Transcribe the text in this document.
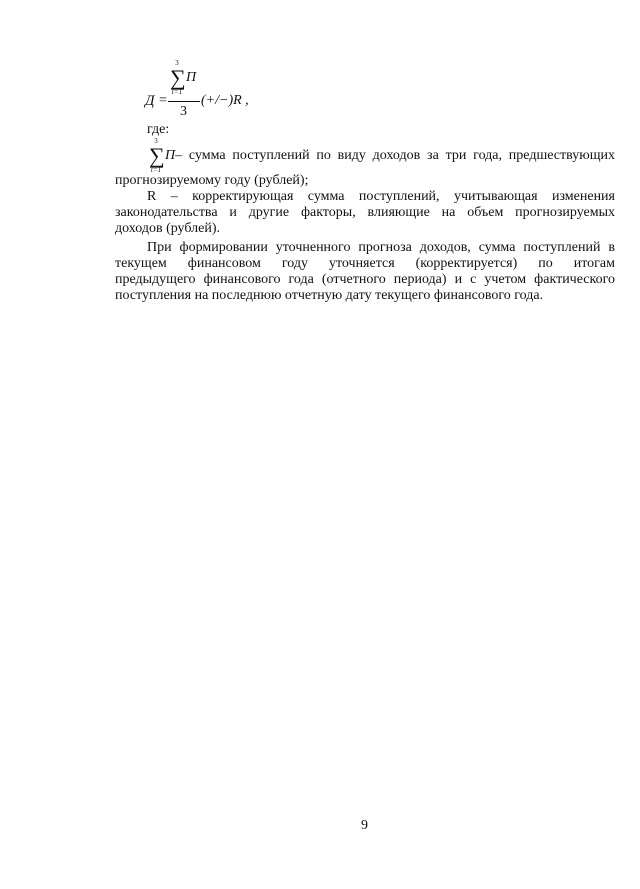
Д =
3
∑
t=1
П
3
(+/−)R ,
где:
3
∑
t=1
П– сумма поступлений по виду доходов за три года, предшествующих
прогнозируемому году (рублей);
R – корректирующая сумма поступлений, учитывающая изменения
законодательства и другие факторы, влияющие на объем прогнозируемых
доходов (рублей).
При формировании уточненного прогноза доходов, сумма поступлений в
текущем финансовом году уточняется (корректируется) по итогам
предыдущего финансового года (отчетного периода) и с учетом фактического
поступления на последнюю отчетную дату текущего финансового года.
9
